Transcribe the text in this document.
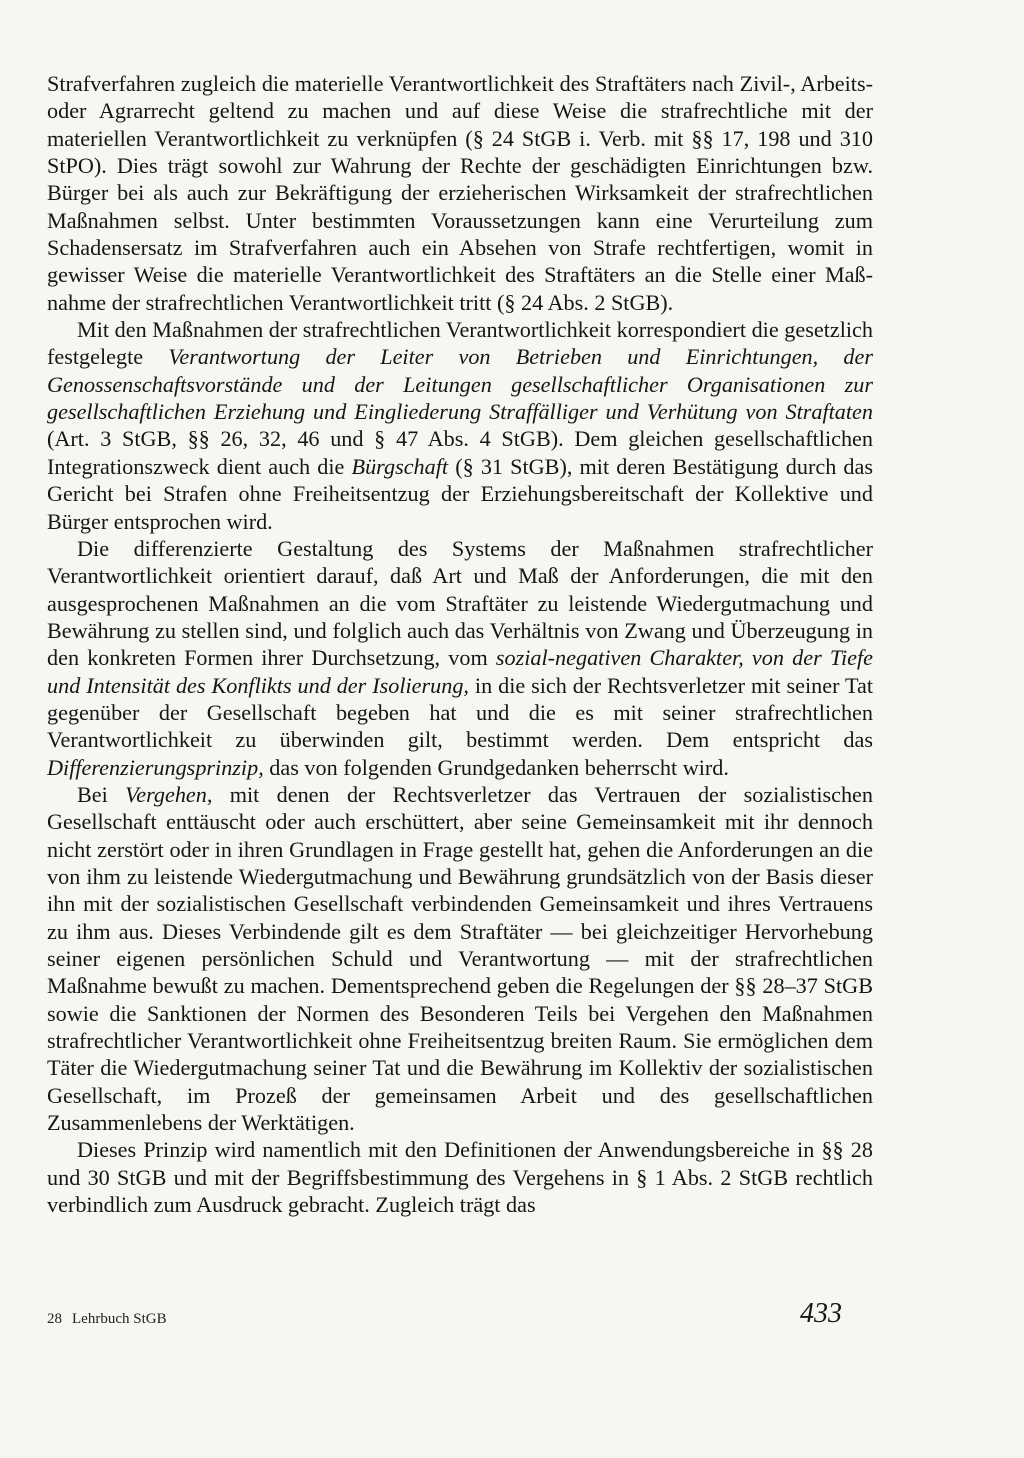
Strafverfahren zugleich die materielle Verantwortlichkeit des Straftäters nach Zivil-, Arbeits- oder Agrarrecht geltend zu machen und auf diese Weise die strafrechtliche mit der materiellen Verantwortlichkeit zu verknüpfen (§ 24 StGB i. Verb. mit §§ 17, 198 und 310 StPO). Dies trägt sowohl zur Wahrung der Rechte der geschädigten Einrichtungen bzw. Bürger bei als auch zur Bekräftigung der erzieherischen Wirksamkeit der strafrechtlichen Maßnahmen selbst. Unter bestimmten Voraussetzungen kann eine Verurteilung zum Schadensersatz im Strafverfahren auch ein Absehen von Strafe rechtfertigen, womit in gewisser Weise die materielle Verantwortlichkeit des Straftäters an die Stelle einer Maßnahme der strafrechtlichen Verantwortlichkeit tritt (§ 24 Abs. 2 StGB).

Mit den Maßnahmen der strafrechtlichen Verantwortlichkeit korrespondiert die gesetzlich festgelegte Verantwortung der Leiter von Betrieben und Einrichtungen, der Genossenschaftsvorstände und der Leitungen gesellschaftlicher Organisationen zur gesellschaftlichen Erziehung und Eingliederung Straffälliger und Verhütung von Straftaten (Art. 3 StGB, §§ 26, 32, 46 und § 47 Abs. 4 StGB). Dem gleichen gesellschaftlichen Integrationszweck dient auch die Bürgschaft (§ 31 StGB), mit deren Bestätigung durch das Gericht bei Strafen ohne Freiheitsentzug der Erziehungsbereitschaft der Kollektive und Bürger entsprochen wird.

Die differenzierte Gestaltung des Systems der Maßnahmen strafrechtlicher Verantwortlichkeit orientiert darauf, daß Art und Maß der Anforderungen, die mit den ausgesprochenen Maßnahmen an die vom Straftäter zu leistende Wiedergutmachung und Bewährung zu stellen sind, und folglich auch das Verhältnis von Zwang und Überzeugung in den konkreten Formen ihrer Durchsetzung, vom sozial-negativen Charakter, von der Tiefe und Intensität des Konflikts und der Isolierung, in die sich der Rechtsverletzer mit seiner Tat gegenüber der Gesellschaft begeben hat und die es mit seiner strafrechtlichen Verantwortlichkeit zu überwinden gilt, bestimmt werden. Dem entspricht das Differenzierungsprinzip, das von folgenden Grundgedanken beherrscht wird.

Bei Vergehen, mit denen der Rechtsverletzer das Vertrauen der sozialistischen Gesellschaft enttäuscht oder auch erschüttert, aber seine Gemeinsamkeit mit ihr dennoch nicht zerstört oder in ihren Grundlagen in Frage gestellt hat, gehen die Anforderungen an die von ihm zu leistende Wiedergutmachung und Bewährung grundsätzlich von der Basis dieser ihn mit der sozialistischen Gesellschaft verbindenden Gemeinsamkeit und ihres Vertrauens zu ihm aus. Dieses Verbindende gilt es dem Straftäter — bei gleichzeitiger Hervorhebung seiner eigenen persönlichen Schuld und Verantwortung — mit der strafrechtlichen Maßnahme bewußt zu machen. Dementsprechend geben die Regelungen der §§ 28–37 StGB sowie die Sanktionen der Normen des Besonderen Teils bei Vergehen den Maßnahmen strafrechtlicher Verantwortlichkeit ohne Freiheitsentzug breiten Raum. Sie ermöglichen dem Täter die Wiedergutmachung seiner Tat und die Bewährung im Kollektiv der sozialistischen Gesellschaft, im Prozeß der gemeinsamen Arbeit und des gesellschaftlichen Zusammenlebens der Werktätigen.

Dieses Prinzip wird namentlich mit den Definitionen der Anwendungsbereiche in §§ 28 und 30 StGB und mit der Begriffsbestimmung des Vergehens in § 1 Abs. 2 StGB rechtlich verbindlich zum Ausdruck gebracht. Zugleich trägt das

28 Lehrbuch StGB	433
